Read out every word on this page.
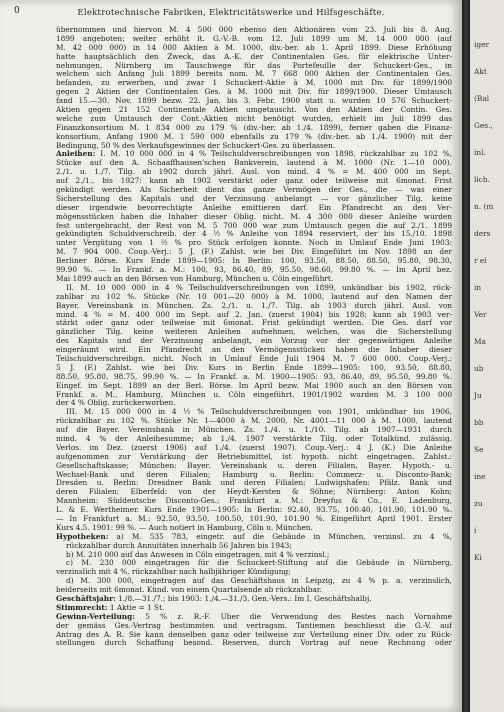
0	Elektrotechnische Fabriken, Elektricitätswerke und Hilfsgeschäfte.
übernommen und hiervon M. 4 500 000 ebenso den Aktionären vom 23. Juli bis 8. Aug.
1899 angeboten; weiter erhöht lt. G.-V.-B. vom 12. Juli 1899 um M. 14 000 000 (auf
M. 42 000 000) in 14 000 Aktien à M. 1000, div.-ber. ab 1. April 1899. Diese Erhöhung
hatte hauptsächlich den Zweck, das A.-K. der Continentalen Ges. für elektrische Unter-
nehmungen, Nürnberg im Tauschwege für das Portefeuille der Schuckert-Ges., in
welchem sich Anfang Juli 1899 bereits nom. M. 7 668 000 Aktien der Continentalen Ges.
befanden, zu erwerben, und zwar 1 Schuckert-Aktie à M. 1000 mit Div. für 1899/1900
gegen 2 Aktien der Continentalen Ges. à M. 1000 mit Div. für 1899/1900. Dieser Umtausch
fand 15.—30. Nov. 1899 bezw. 22. Jan. bis 3. Febr. 1900 statt u. wurden 10 576 Schuckert-
Aktien gegen 21 152 Continentale Aktien umgetauscht. Von den Aktien der Contin. Ges.
welche zum Umtausch der Cont.-Aktien nicht benötigt wurden, erhielt im Juli 1899 das
Finanzkonsortium M. 1 834 000 zu 179 % (div.-ber. ab 1./4. 1899), ferner gaben die Finanz-
konsortium, Anfang 1900 M. 1 590 000 ebenfalls zu 179 % (div.-ber. ab 1./4. 1900) mit der
Bedingung, 50 % des Verkaufsgewinnes der Schuckert-Ges. zu überlassen.
Anleihen: I. M. 10 000 000 in 4 % Teilschuldverschreibungen von 1898, rückzahlbar zu 102 %,
Stücke auf den A. Schaaffhausen'schen Bankverein, lautend à M. 1000 (Nr. 1—10 000).
2./1. u. 1./7. Tilg. ab 1902 durch jährl. Ausl. von mind. 4 % = M. 400 000 im Sept.
auf 2./1., bis 1927: kann ab 1902 verstärkt oder ganz oder teilweise mit 6monat. Frist
gekündigt werden. Als Sicherheit dient das ganze Vermögen der Ges., die — was einer
Sicherstellung des Kapitals und der Verzinsung anbelangt — vor gänzlicher Tilg. keine
dieser irgendwie bevorrechtigte Anleihe emittieren darf. Ein Pfandrecht an den Ver-
mögensstücken haben die Inhaber dieser Oblig. nicht. M. 4 300 000 dieser Anleihe wurden
fest untergebracht, der Rest von M. 5 700 000 war zum Umtausch gegen die auf 2./1. 1899
gekündigten Schuldverschreib. der 4 ½ % Anleihe von 1894 reserviert, der bis 15./10. 1898
unter Vergütung von 1 ½ % pro Stück erfolgen konnte. Noch in Umlauf Ende Juni 1903:
M. 7 904 000. Coup.-Verj.: 5 J. (F.) Zahlst. wie bei Div. Eingeführt im Nov. 1898 an der
Berliner Börse. Kurs Ende 1899—1905: In Berlin: 100, 93.50, 88.50, 88.50, 95.80, 98.30,
99.90 %. — In Frankf. a. M.: 100, 93, 86.40, 89, 95.50, 98.60, 99.80 %. — Im April bez.
Mai 1899 auch an den Börsen von Hamburg, München u. Cöln eingeführt.
II. M. 10 000 000 in 4 % Teilschuldverschreibungen von 1899, unkündbar bis 1902, rück-
zahlbar zu 102 %. Stücke (Nr. 10 001—20 000) à M. 1000, lautend auf den Namen der
Bayer. Vereinsbank in München. Zs. 2./1. u. 1./7. Tilg. ab 1903 durch jährl. Ausl. von
mind. 4 % = M. 400 000 im Sept. auf 2. Jan. (zuerst 1904) bis 1928; kann ab 1903 ver-
stärkt oder ganz oder teilweise mit 6monat. Frist gekündigt werden. Die Ges. darf vor
gänzlicher Tilg. keine weiteren Anleihen aufnehmen, welchen, was die Sicherstellung
des Kapitals und der Verzinsung anbelangt, ein Vorzug vor der gegenwärtigen Anleihe
eingeräumt wird. Ein Pfandrecht an den Vermögensstücken haben die Inhaber dieser
Teilschuldverschreibgn. nicht. Noch in Umlauf Ende Juli 1904 M. 7 600 000. Coup.-Verj.:
5 J. (F.) Zahlst. wie bei Div. Kurs in Berlin Ende 1899—1905: 100, 93.50, 88.80,
88.50, 95.80, 98.75, 99.90 %. — In Frankf. a. M. 1900—1905: 93, 86.40, 89, 95.50, 99.80 %.
Eingef. im Sept. 1899 an der Berl. Börse. Im April bezw. Mai 1900 auch an den Börsen von
Frankf. a. M., Hamburg, München u. Cöln eingeführt. 1901/1902 wurden M. 3 100 000
der 4 % Oblig. zurückerworben.
III. M. 15 000 000 in 4 ½ % Teilschuldverschreibungen von 1901, unkündbar bis 1906,
rückzahlbar zu 102 %. Stücke Nr. 1—4000 à M. 2000, Nr. 4001—11 000 à M. 1000, lautend
auf die Bayer. Vereinsbank in München. Zs. 1./4. u. 1./10. Tilg. ab 1907—1931 durch
mind. 4 % der Anleihesumme; ab 1./4. 1907 verstärkte Tilg. oder Totalkünd. zulässig.
Verlos. im Dez. (zuerst 1906) auf 1./4. (zuerst 1907). Coup.-Verj.: 4 J. (K.) Die Anleihe
aufgenommen zur Verstärkung der Betriebsmittel, ist hypoth. nicht eingetragen. Zahlst.:
Gesellschaftskasse; München: Bayer. Vereinsbank u. deren Filialen, Bayer. Hypoth.- u.
Wechsel-Bank und deren Filialen; Hamburg u. Berlin: Commerz- u. Disconto-Bank;
Dresden u. Berlin: Dresdner Bank und deren Filialen; Ludwigshafen: Pfälz. Bank und
deren Filialen; Elberfeld: von der Heydt-Kersten & Söhne; Nürnberg: Anton Kohn;
Mannheim: Süddeutsche Disconto-Ges.; Frankfurt a. M.: Dreyfus & Co., E. Ladenburg,
L. & E. Wertheimer. Kurs Ende 1901—1905: In Berlin: 92.40, 93.75, 100.40, 101.90, 101.90 %.
— In Frankfurt a. M.: 92.50, 93.50, 100.50, 101.90, 101.90 %. Eingeführt April 1901. Erster
Kurs 4.5. 1901: 99 %. — Auch notiert in Hamburg, Cöln u. München.
Hypotheken: a) M. 535 783, eingetr. auf die Gebäude in München, verzinsl. zu 4 %,
rückzahlbar durch Annuitäten innerhalb 56 Jahren bis 1943;
b) M. 210 000 auf das Anwesen in Cöln eingetragen, mit 4 % verzinsl.;
c) M. 230 000 eingetragen für die Schuckert-Stiftung auf die Gebäude in Nürnberg,
verzinslich mit 4 %, rückzahlbar nach halbjähriger Kündigung;
d) M. 300 000, eingetragen auf das Geschäftshaus in Leipzig, zu 4 % p. a. verzinslich,
beiderseits mit 6monat. Künd. von einem Quartalsende ab rückzahlbar.
Geschäftsjahr: 1./8.—31./7.; bis 1903: 1./4.—31./3. Gen.-Vers.: Im I. Geschäftshalbj.
Stimmrecht: 1 Aktie = 1 St.
Gewinn-Verteilung: 5 % z. R.-F. Über die Verwendung des Restes nach Vornahme
der gemäss Ges.-Vertrag bestimmten und vertragsm. Tantiemen beschliesst die G.-V. auf
Antrag des A. R. Sie kann denselben ganz oder teilweise zur Verteilung einer Div. oder zu Rück-
stellungen durch Schaffung besond. Reserven, durch Vortrag auf neue Rechnung oder
iger
Akt
(Bal
Ges.,
inl.
lich.
n. (m
ders
r ei
in
Ver
Ma
ub
Ju
bb
Se
ine
zu
i
Ki
